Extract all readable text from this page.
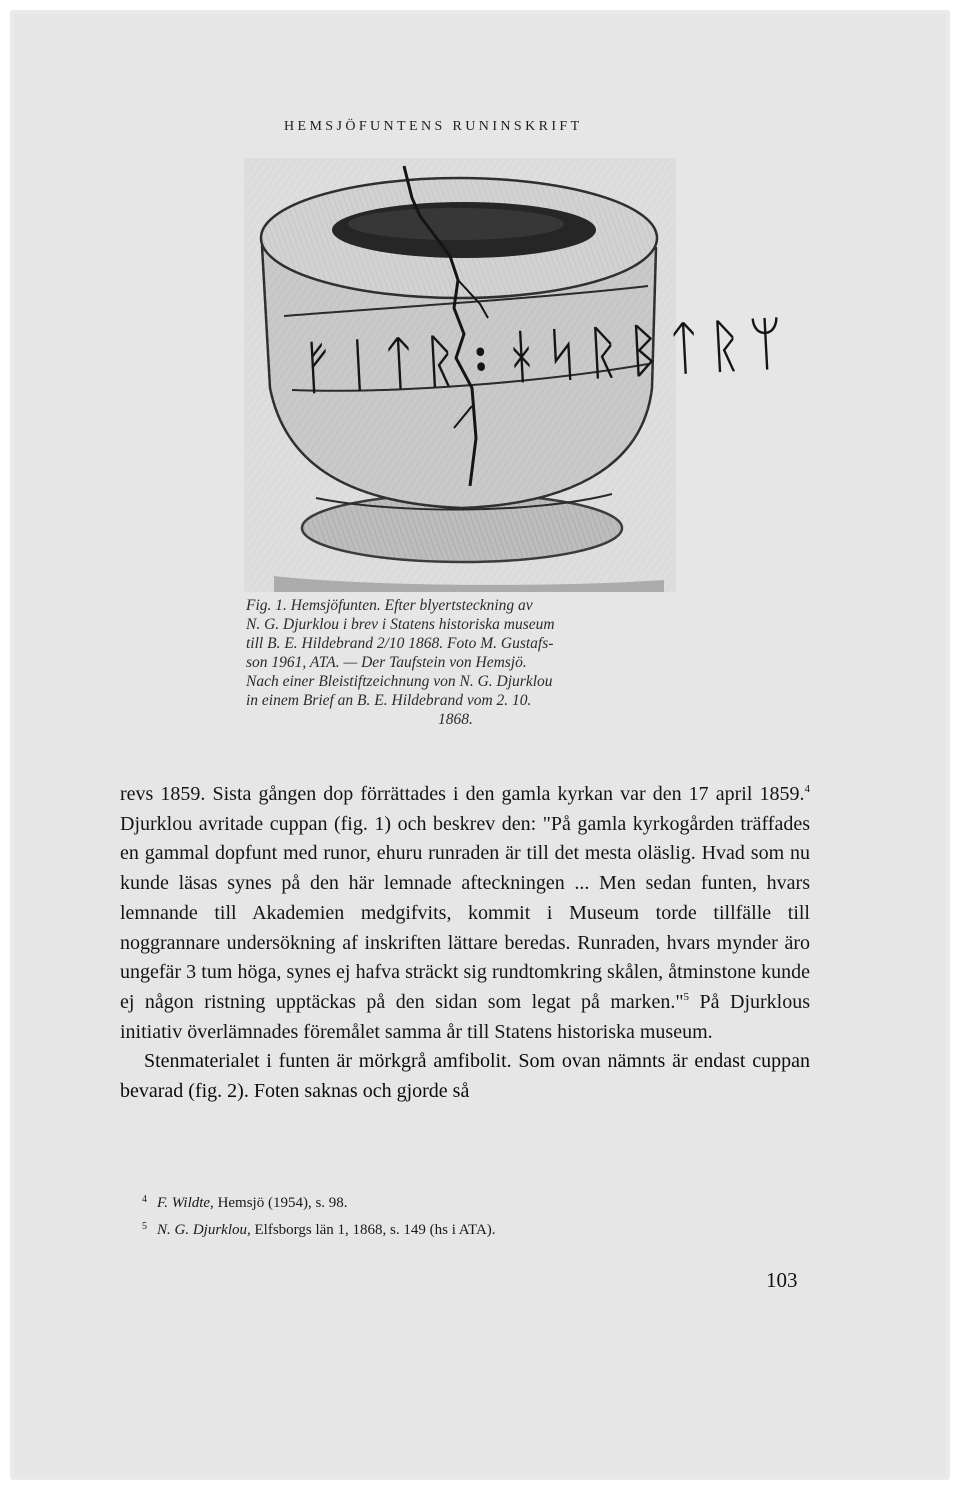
HEMSJÖFUNTENS RUNINSKRIFT
ᚠᛁᛏᚱ᛬ᚼᛋᚱᛒᛏᚱᛘ
Fig. 1. Hemsjöfunten. Efter blyertsteckning av
N. G. Djurklou i brev i Statens historiska museum
till B. E. Hildebrand 2/10 1868. Foto M. Gustafs-
son 1961, ATA. — Der Taufstein von Hemsjö.
Nach einer Bleistiftzeichnung von N. G. Djurklou
in einem Brief an B. E. Hildebrand vom 2. 10.
1868.

revs 1859. Sista gången dop förrättades i den gamla kyrkan var den 17 april 1859.$^4$ Djurklou avritade cuppan (fig. 1) och beskrev den: "På gamla kyrkogården träffades en gammal dopfunt med runor, ehuru runraden är till det mesta oläslig. Hvad som nu kunde läsas synes på den här lemnade afteckningen ... Men sedan funten, hvars lemnande till Akademien medgifvits, kommit i Museum torde tillfälle till noggrannare undersökning af inskriften lättare beredas. Runraden, hvars mynder äro ungefär 3 tum höga, synes ej hafva sträckt sig rundtomkring skålen, åtminstone kunde ej någon ristning upptäckas på den sidan som legat på marken."$^5$ På Djurklous initiativ överlämnades föremålet samma år till Statens historiska museum.

Stenmaterialet i funten är mörkgrå amfibolit. Som ovan nämnts är endast cuppan bevarad (fig. 2). Foten saknas och gjorde så

$^4$ F. Wildte, Hemsjö (1954), s. 98.
$^5$ N. G. Djurklou, Elfsborgs län 1, 1868, s. 149 (hs i ATA).
103
